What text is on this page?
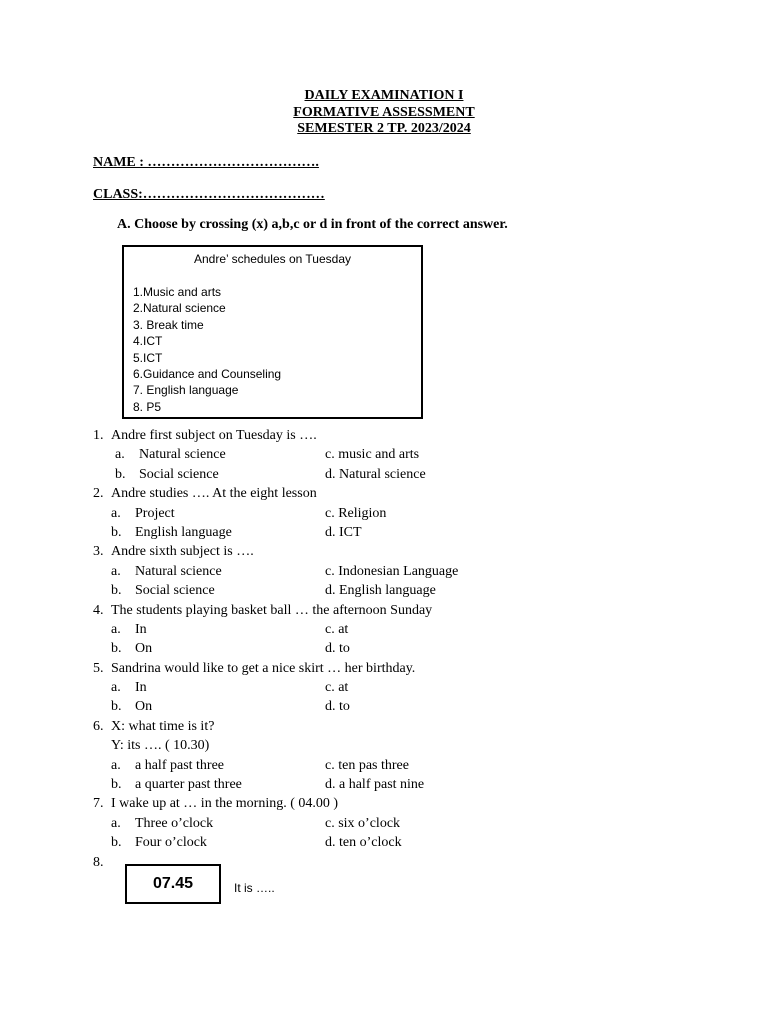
DAILY EXAMINATION I
FORMATIVE ASSESSMENT
SEMESTER 2 TP. 2023/2024
NAME : ……………………………….
CLASS:…………………………………
A. Choose by crossing (x) a,b,c or d in front of the correct answer.
Andre’ schedules on Tuesday
1.Music and arts
2.Natural science
3. Break time
4.ICT
5.ICT
6.Guidance and Counseling
7. English language
8. P5
1. Andre first subject on Tuesday is ….
a. Natural science	c. music and arts
b. Social science	d. Natural science
2. Andre studies …. At the eight lesson
a. Project	c. Religion
b. English language	d. ICT
3. Andre sixth subject is ….
a. Natural science	c. Indonesian Language
b. Social science	d. English language
4. The students playing basket ball … the afternoon Sunday
a. In	c. at
b. On	d. to
5. Sandrina would like to get a nice skirt … her birthday.
a. In	c. at
b. On	d. to
6. X: what time is it?
Y: its …. ( 10.30)
a. a half past three	c. ten pas three
b. a quarter past three	d. a half past nine
7. I wake up at … in the morning. ( 04.00 )
a. Three o’clock	c. six o’clock
b. Four o’clock	d. ten o’clock
8.
07.45	It is …..
